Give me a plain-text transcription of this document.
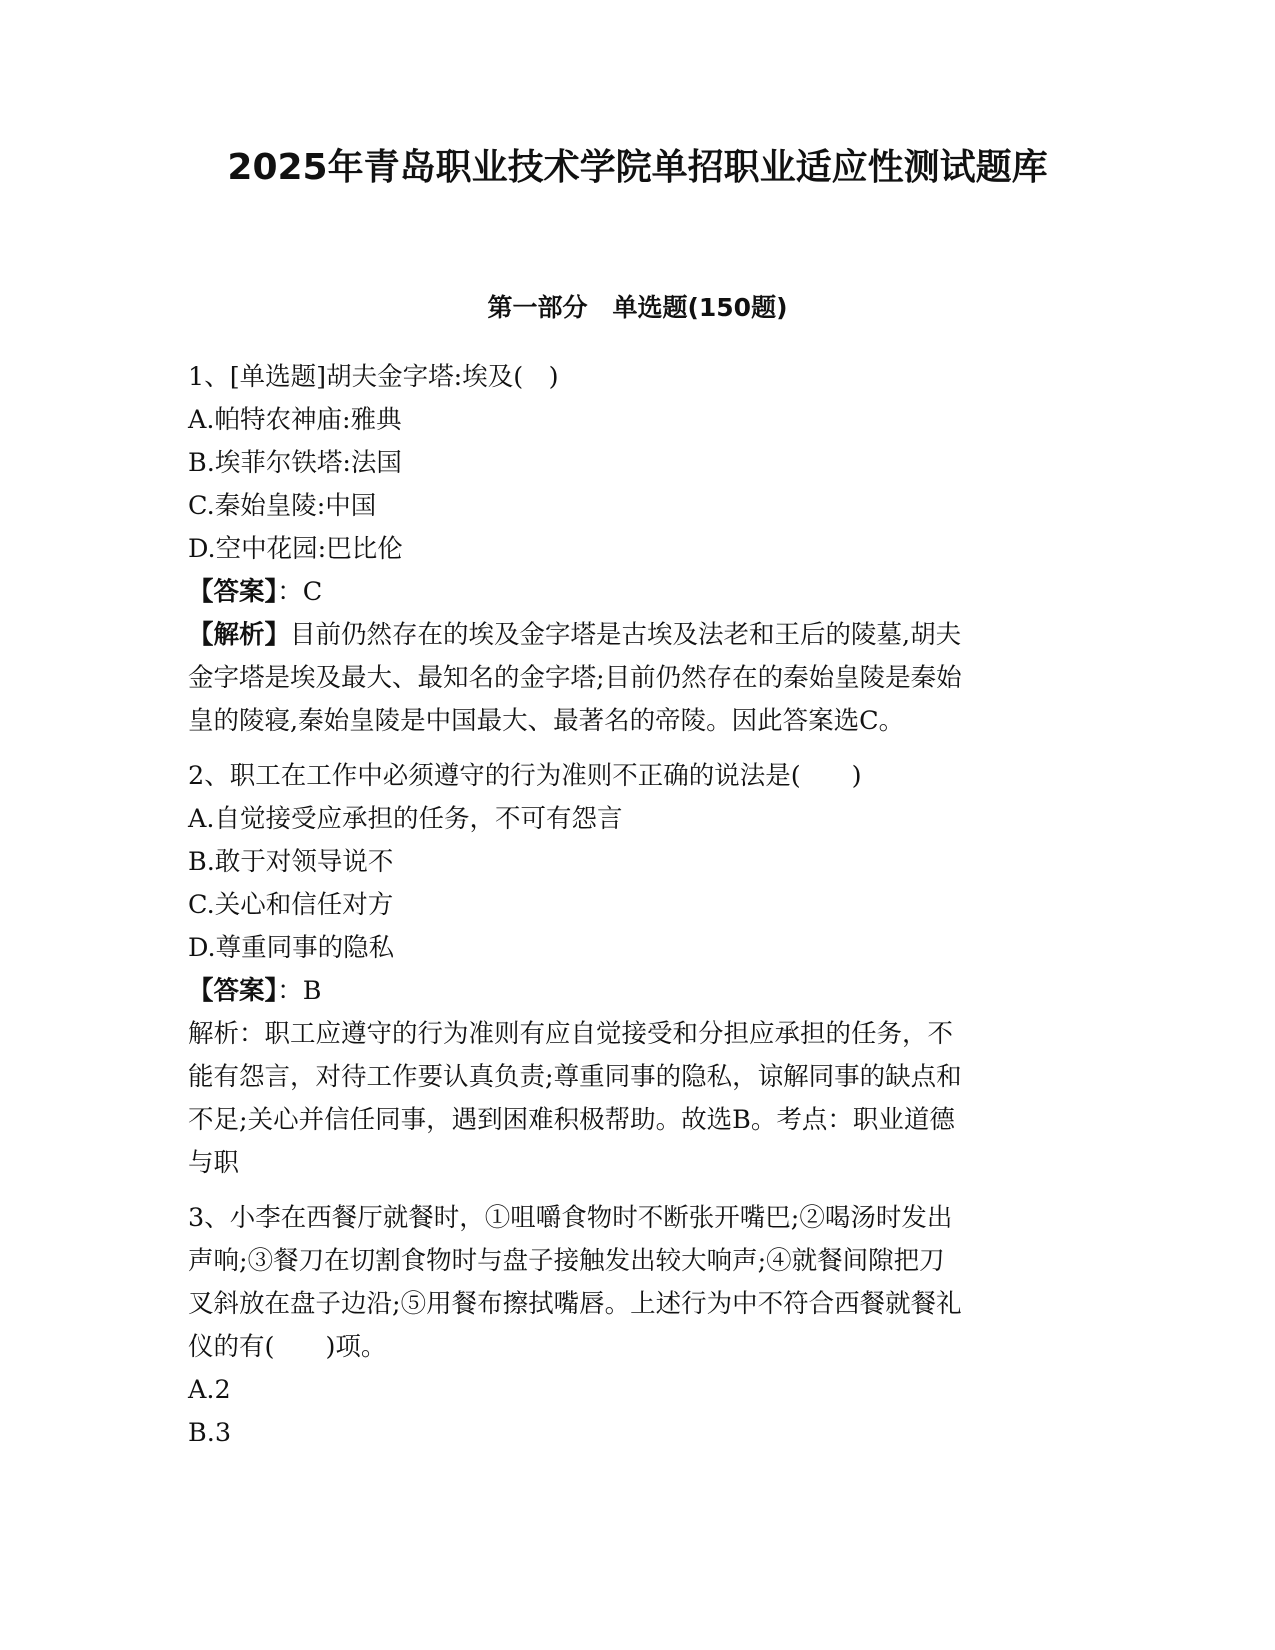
2025年青岛职业技术学院单招职业适应性测试题库
第一部分　单选题(150题)
1、[单选题]胡夫金字塔:埃及(　)
A.帕特农神庙:雅典
B.埃菲尔铁塔:法国
C.秦始皇陵:中国
D.空中花园:巴比伦
【答案】：C
【解析】目前仍然存在的埃及金字塔是古埃及法老和王后的陵墓,胡夫
金字塔是埃及最大、最知名的金字塔;目前仍然存在的秦始皇陵是秦始
皇的陵寝,秦始皇陵是中国最大、最著名的帝陵。因此答案选C。
2、职工在工作中必须遵守的行为准则不正确的说法是(　　)
A.自觉接受应承担的任务，不可有怨言
B.敢于对领导说不
C.关心和信任对方
D.尊重同事的隐私
【答案】：B
解析：职工应遵守的行为准则有应自觉接受和分担应承担的任务，不
能有怨言，对待工作要认真负责;尊重同事的隐私，谅解同事的缺点和
不足;关心并信任同事，遇到困难积极帮助。故选B。考点：职业道德
与职
3、小李在西餐厅就餐时，①咀嚼食物时不断张开嘴巴;②喝汤时发出
声响;③餐刀在切割食物时与盘子接触发出较大响声;④就餐间隙把刀
叉斜放在盘子边沿;⑤用餐布擦拭嘴唇。上述行为中不符合西餐就餐礼
仪的有(　　)项。
A.2
B.3
